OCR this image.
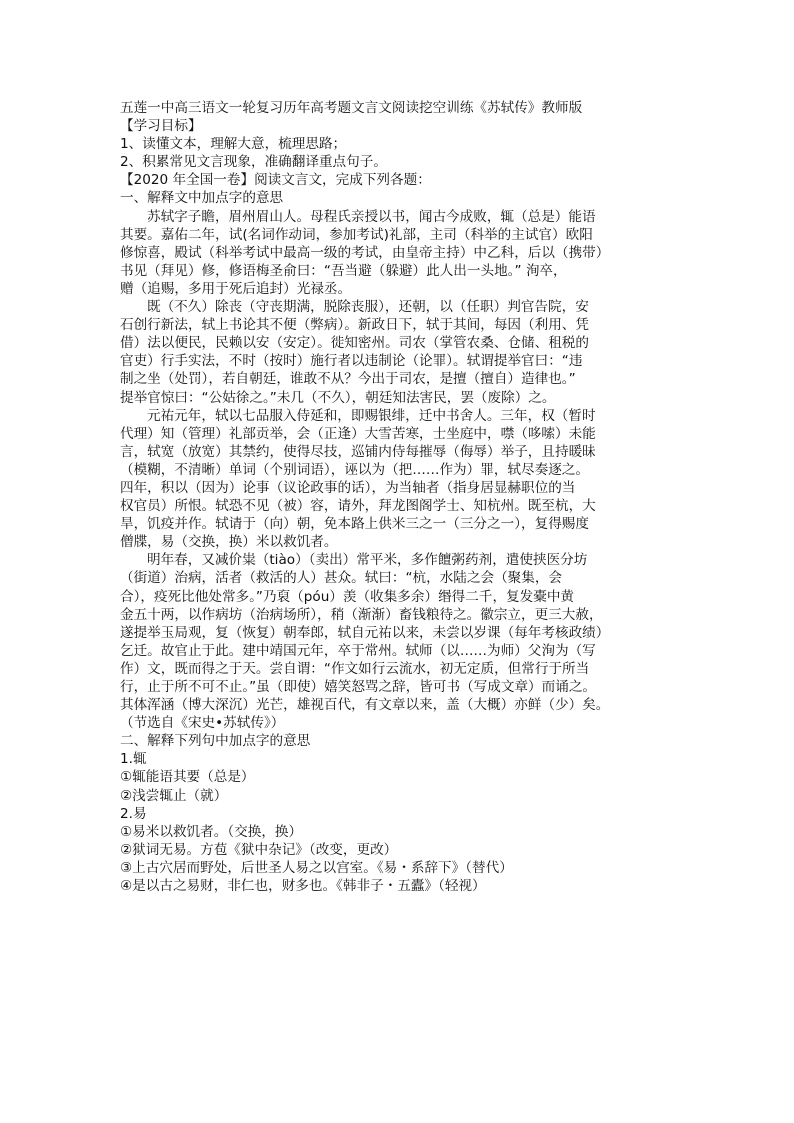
五莲一中高三语文一轮复习历年高考题文言文阅读挖空训练《苏轼传》教师版
【学习目标】
1、读懂文本，理解大意，梳理思路；
2、积累常见文言现象，准确翻译重点句子。
【2020 年全国一卷】阅读文言文，完成下列各题：
一、解释文中加点字的意思
苏轼字子瞻，眉州眉山人。母程氏亲授以书，闻古今成败，辄（总是）能语
其要。嘉佑二年，试(名词作动词，参加考试)礼部，主司（科举的主试官）欧阳
修惊喜，殿试（科举考试中最高一级的考试，由皇帝主持）中乙科，后以（携带）
书见（拜见）修，修语梅圣俞曰：“吾当避（躲避）此人出一头地。” 洵卒，
赠（追赐，多用于死后追封）光禄丞。
既（不久）除丧（守丧期满，脱除丧服），还朝，以（任职）判官告院，安
石创行新法，轼上书论其不便（弊病）。新政日下，轼于其间，每因（利用、凭
借）法以便民，民赖以安（安定）。徙知密州。司农（掌管农桑、仓储、租税的
官吏）行手实法，不时（按时）施行者以违制论（论罪）。轼谓提举官曰：“违
制之坐（处罚），若自朝廷，谁敢不从？今出于司农，是擅（擅自）造律也。”
提举官惊曰：“公姑徐之。”未几（不久），朝廷知法害民，罢（废除）之。
元祐元年，轼以七品服入侍延和，即赐银绯，迁中书舍人。三年，权（暂时
代理）知（管理）礼部贡举，会（正逢）大雪苦寒，士坐庭中，噤（哆嗦）未能
言，轼宽（放宽）其禁约，使得尽技，巡铺内侍每摧辱（侮辱）举子，且持暖昧
（模糊，不清晰）单词（个别词语），诬以为（把……作为）罪，轼尽奏逐之。
四年，积以（因为）论事（议论政事的话），为当轴者（指身居显赫职位的当
权官员）所恨。轼恐不见（被）容，请外，拜龙图阁学士、知杭州。既至杭，大
旱，饥疫并作。轼请于（向）朝，免本路上供米三之一（三分之一），复得赐度
僧牒，易（交换，换）米以救饥者。
明年春，又减价粜（tiào）（卖出）常平米，多作饘粥药剂，遣使挟医分坊
（街道）治病，活者（救活的人）甚众。轼曰：“杭，水陆之会（聚集，会
合），疫死比他处常多。”乃裒（póu）羡（收集多余）缗得二千，复发橐中黄
金五十两，以作病坊（治病场所），稍（渐渐）畜钱粮待之。徽宗立，更三大赦，
遂提举玉局观，复（恢复）朝奉郎，轼自元祐以来，未尝以岁课（每年考核政绩）
乞迁。故官止于此。建中靖国元年，卒于常州。轼师（以……为师）父洵为（写
作）文，既而得之于天。尝自谓：“作文如行云流水，初无定质，但常行于所当
行，止于所不可不止。”虽（即使）嬉笑怒骂之辞，皆可书（写成文章）而诵之。
其体浑涵（博大深沉）光芒，雄视百代，有文章以来，盖（大概）亦鲜（少）矣。
（节选自《宋史•苏轼传》）
二、解释下列句中加点字的意思
1.辄
①辄能语其要（总是）
②浅尝辄止（就）
2.易
①易米以救饥者。（交换，换）
②狱词无易。方苞《狱中杂记》（改变，更改）
③上古穴居而野处，后世圣人易之以宫室。《易・系辞下》（替代）
④是以古之易财，非仁也，财多也。《韩非子・五蠹》（轻视）
